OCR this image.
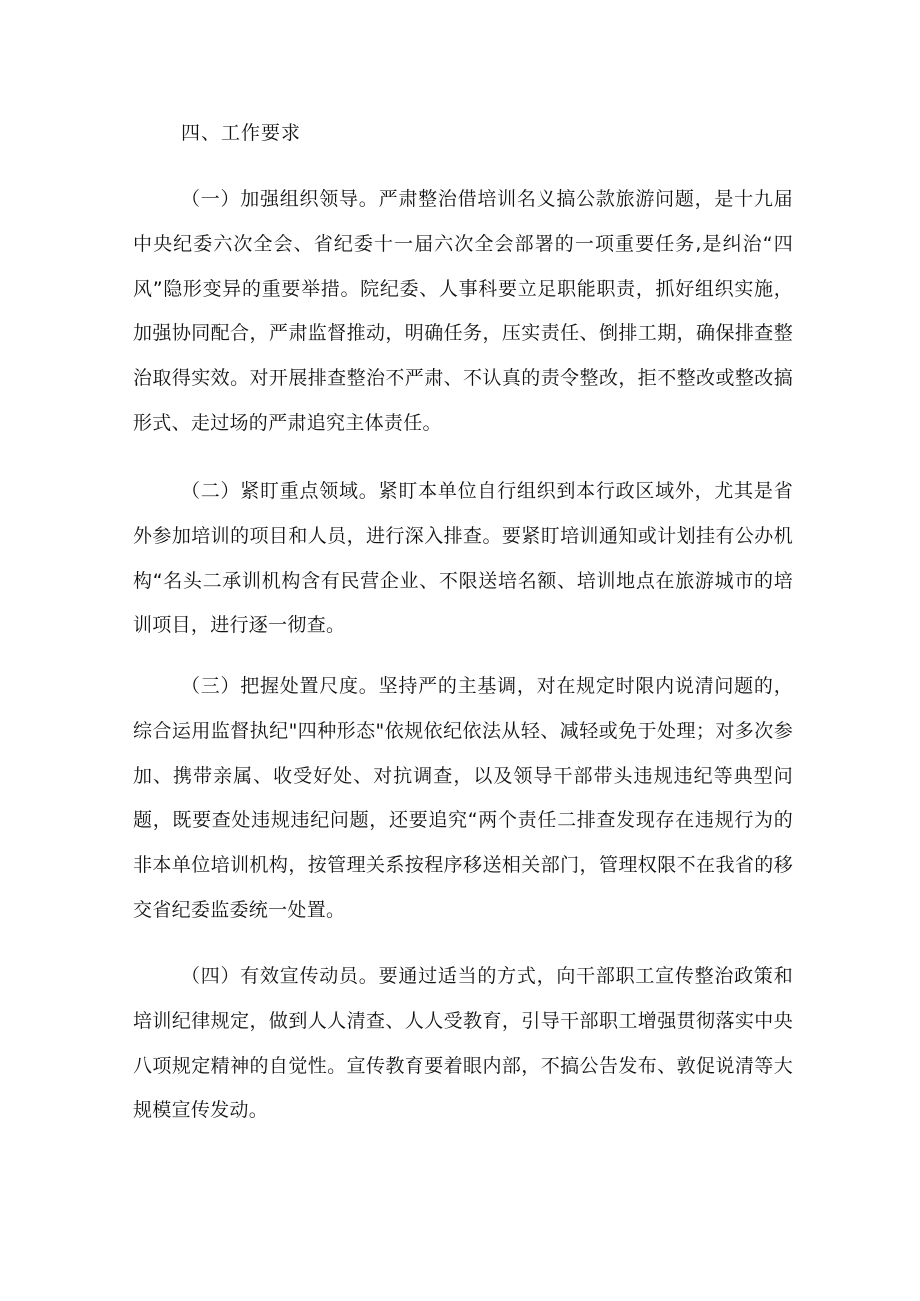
四、工作要求

（一）加强组织领导。严肃整治借培训名义搞公款旅游问题，是十九届中央纪委六次全会、省纪委十一届六次全会部署的一项重要任务,是纠治“四风”隐形变异的重要举措。院纪委、人事科要立足职能职责，抓好组织实施，加强协同配合，严肃监督推动，明确任务，压实责任、倒排工期，确保排查整治取得实效。对开展排查整治不严肃、不认真的责令整改，拒不整改或整改搞形式、走过场的严肃追究主体责任。

（二）紧盯重点领域。紧盯本单位自行组织到本行政区域外，尤其是省外参加培训的项目和人员，进行深入排查。要紧盯培训通知或计划挂有公办机构“名头二承训机构含有民营企业、不限送培名额、培训地点在旅游城市的培训项目，进行逐一彻查。

（三）把握处置尺度。坚持严的主基调，对在规定时限内说清问题的，综合运用监督执纪"四种形态"依规依纪依法从轻、减轻或免于处理；对多次参加、携带亲属、收受好处、对抗调查，以及领导干部带头违规违纪等典型问题，既要查处违规违纪问题，还要追究“两个责任二排查发现存在违规行为的非本单位培训机构，按管理关系按程序移送相关部门，管理权限不在我省的移交省纪委监委统一处置。

（四）有效宣传动员。要通过适当的方式，向干部职工宣传整治政策和培训纪律规定，做到人人清查、人人受教育，引导干部职工增强贯彻落实中央八项规定精神的自觉性。宣传教育要着眼内部，不搞公告发布、敦促说清等大规模宣传发动。
